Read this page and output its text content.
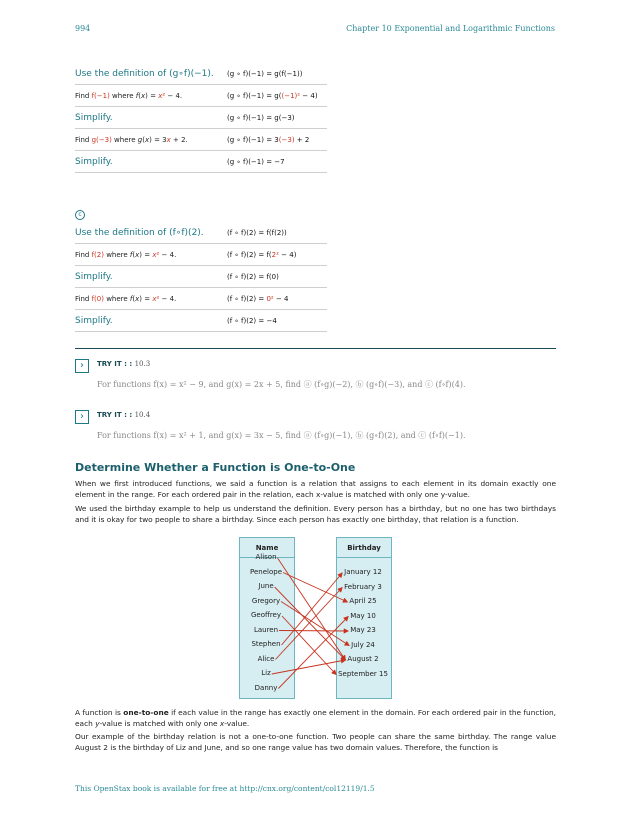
994	Chapter 10 Exponential and Logarithmic Functions
Use the definition of (g∘f)(−1).	(g ∘ f)(−1) = g(f(−1))
Find f(−1) where f(x) = x² − 4.	(g ∘ f)(−1) = g((−1)² − 4)
Simplify.	(g ∘ f)(−1) = g(−3)
Find g(−3) where g(x) = 3x + 2.	(g ∘ f)(−1) = 3(−3) + 2
Simplify.	(g ∘ f)(−1) = −7
c
Use the definition of (f∘f)(2).	(f ∘ f)(2) = f(f(2))
Find f(2) where f(x) = x² − 4.	(f ∘ f)(2) = f(2² − 4)
Simplify.	(f ∘ f)(2) = f(0)
Find f(0) where f(x) = x² − 4.	(f ∘ f)(2) = 0² − 4
Simplify.	(f ∘ f)(2) = −4
›	TRY IT : : 10.3
For functions f(x) = x² − 9, and g(x) = 2x + 5, find ⓐ (f∘g)(−2), ⓑ (g∘f)(−3), and ⓒ (f∘f)(4).
›	TRY IT : : 10.4
For functions f(x) = x² + 1, and g(x) = 3x − 5, find ⓐ (f∘g)(−1), ⓑ (g∘f)(2), and ⓒ (f∘f)(−1).
Determine Whether a Function is One-to-One

When we first introduced functions, we said a function is a relation that assigns to each element in its domain exactly one element in the range. For each ordered pair in the relation, each x-value is matched with only one y-value.

We used the birthday example to help us understand the definition. Every person has a birthday, but no one has two birthdays and it is okay for two people to share a birthday. Since each person has exactly one birthday, that relation is a function.

Name	Birthday
Alison
Penelope
June
Gregory
Geoffrey
Lauren
Stephen
Alice
Liz
Danny
January 12
February 3
April 25
May 10
May 23
July 24
August 2
September 15

A function is one-to-one if each value in the range has exactly one element in the domain. For each ordered pair in the function, each y-value is matched with only one x-value.

Our example of the birthday relation is not a one-to-one function. Two people can share the same birthday. The range value August 2 is the birthday of Liz and June, and so one range value has two domain values. Therefore, the function is

This OpenStax book is available for free at http://cnx.org/content/col12119/1.5
